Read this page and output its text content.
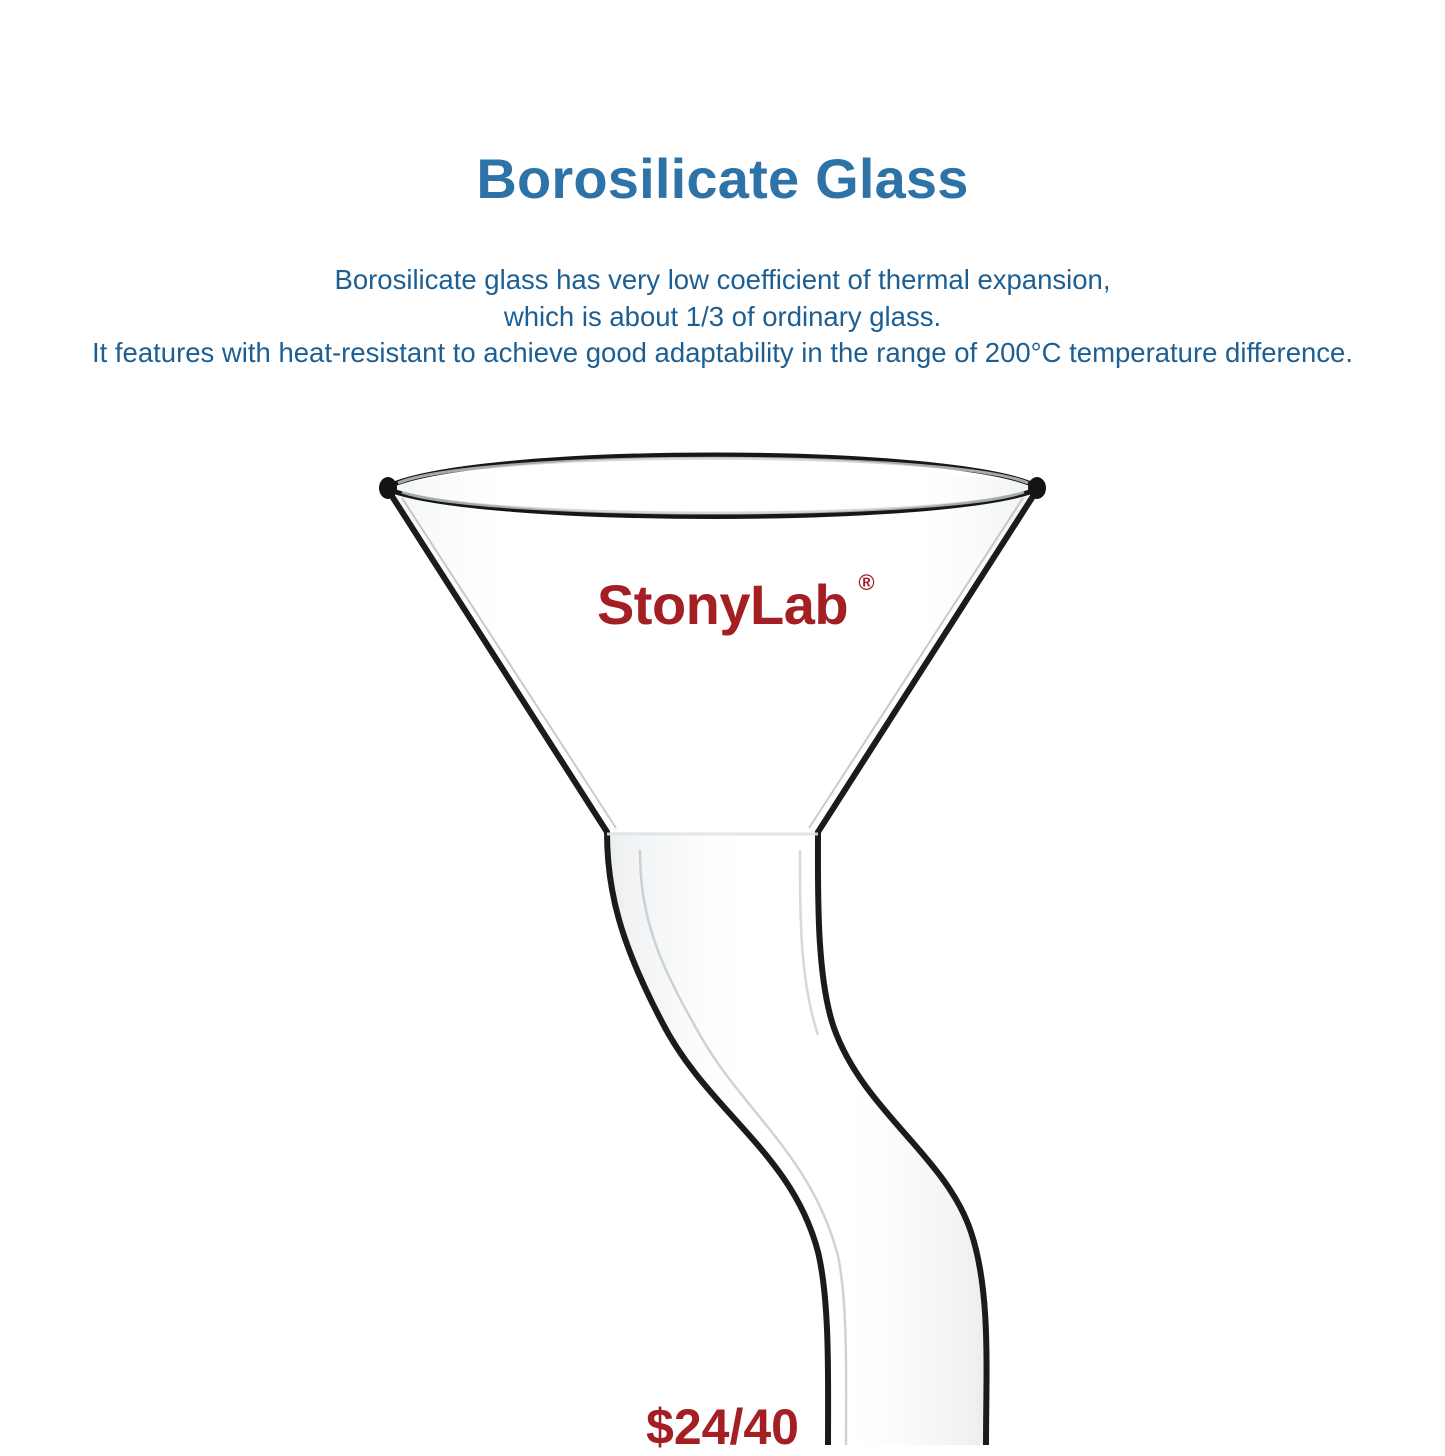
Borosilicate Glass
Borosilicate glass has very low coefficient of thermal expansion,
which is about 1/3 of ordinary glass.
It features with heat-resistant to achieve good adaptability in the range of 200°C temperature difference.
StonyLab ®
$24/40
